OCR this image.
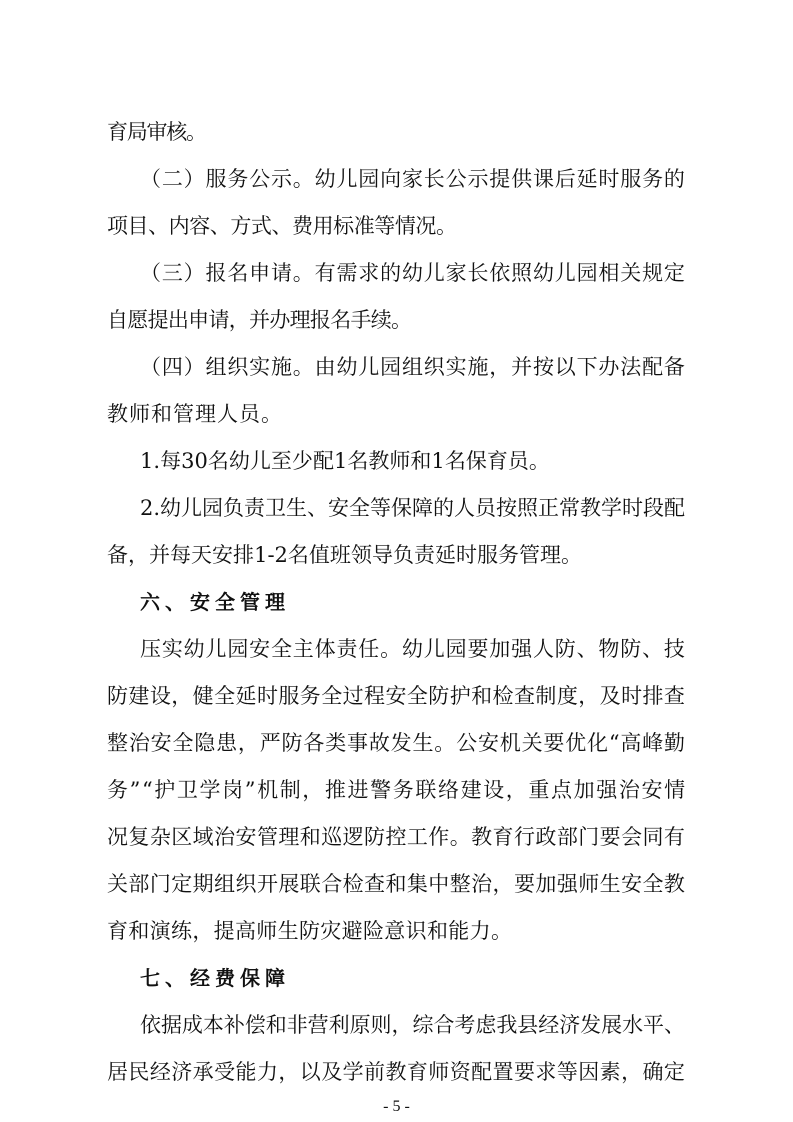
育局审核。
（二）服务公示。幼儿园向家长公示提供课后延时服务的
项目、内容、方式、费用标准等情况。
（三）报名申请。有需求的幼儿家长依照幼儿园相关规定
自愿提出申请，并办理报名手续。
（四）组织实施。由幼儿园组织实施，并按以下办法配备
教师和管理人员。
1.每30名幼儿至少配1名教师和1名保育员。
2.幼儿园负责卫生、安全等保障的人员按照正常教学时段配
备，并每天安排1-2名值班领导负责延时服务管理。
六、安全管理
压实幼儿园安全主体责任。幼儿园要加强人防、物防、技
防建设，健全延时服务全过程安全防护和检查制度，及时排查
整治安全隐患，严防各类事故发生。公安机关要优化“高峰勤
务”“护卫学岗”机制，推进警务联络建设，重点加强治安情
况复杂区域治安管理和巡逻防控工作。教育行政部门要会同有
关部门定期组织开展联合检查和集中整治，要加强师生安全教
育和演练，提高师生防灾避险意识和能力。
七、经费保障
依据成本补偿和非营利原则，综合考虑我县经济发展水平、
居民经济承受能力，以及学前教育师资配置要求等因素，确定
- 5 -
